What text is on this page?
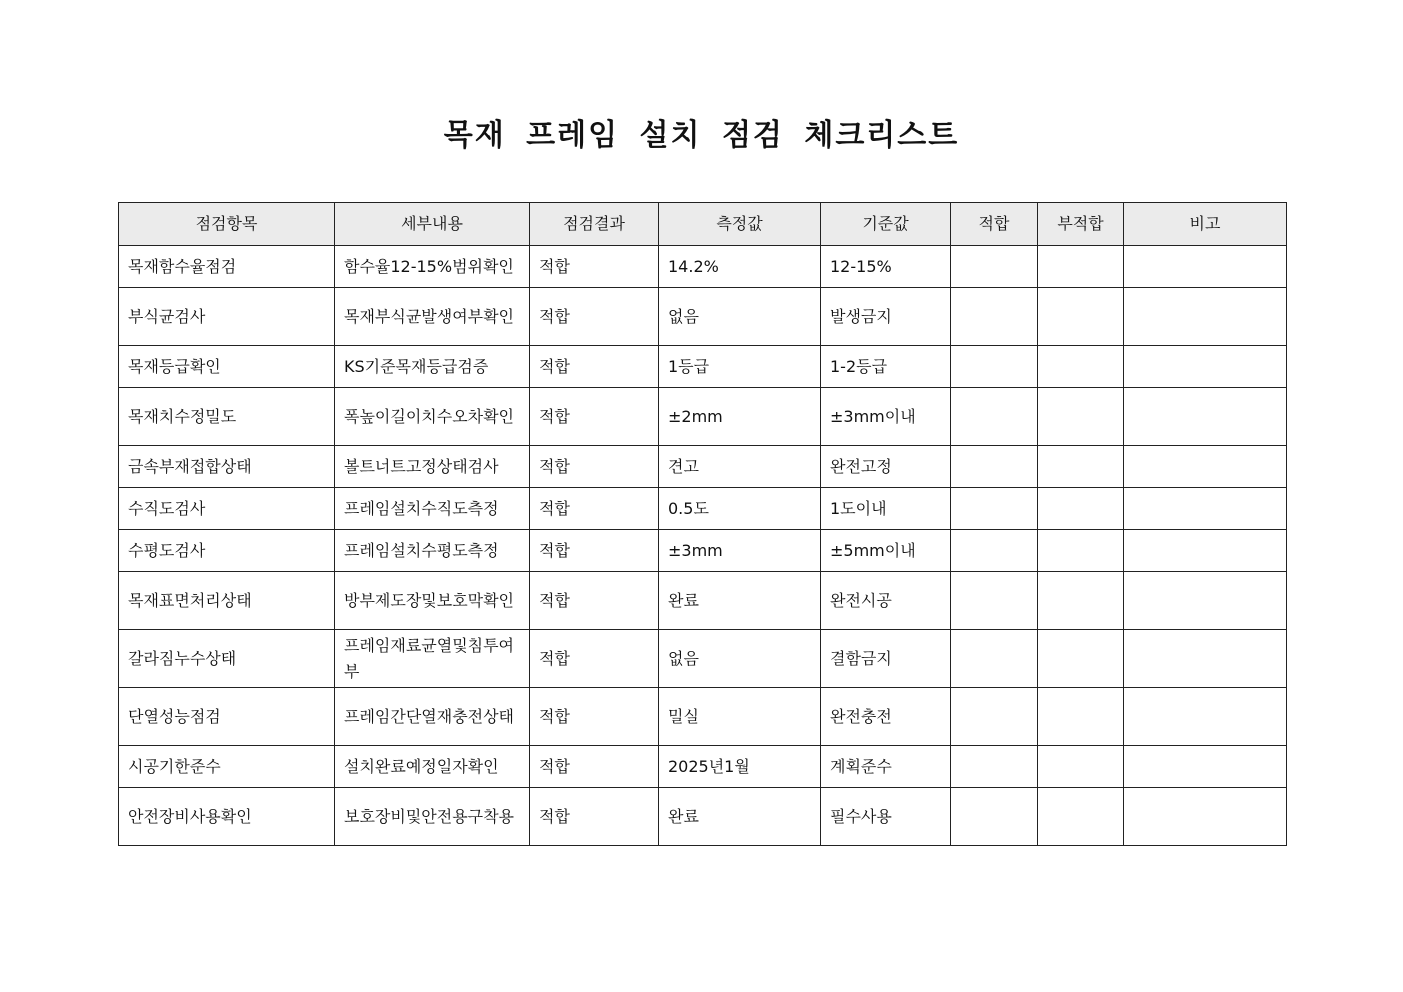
목재 프레임 설치 점검 체크리스트
점검항목	세부내용	점검결과	측정값	기준값	적합	부적합	비고
목재함수율점검	함수율12-15%범위확인	적합	14.2%	12-15%			
부식균검사	목재부식균발생여부확인	적합	없음	발생금지			
목재등급확인	KS기준목재등급검증	적합	1등급	1-2등급			
목재치수정밀도	폭높이길이치수오차확인	적합	±2mm	±3mm이내			
금속부재접합상태	볼트너트고정상태검사	적합	견고	완전고정			
수직도검사	프레임설치수직도측정	적합	0.5도	1도이내			
수평도검사	프레임설치수평도측정	적합	±3mm	±5mm이내			
목재표면처리상태	방부제도장및보호막확인	적합	완료	완전시공			
갈라짐누수상태	프레임재료균열및침투여부	적합	없음	결함금지			
단열성능점검	프레임간단열재충전상태	적합	밀실	완전충전			
시공기한준수	설치완료예정일자확인	적합	2025년1월	계획준수			
안전장비사용확인	보호장비및안전용구착용	적합	완료	필수사용			
